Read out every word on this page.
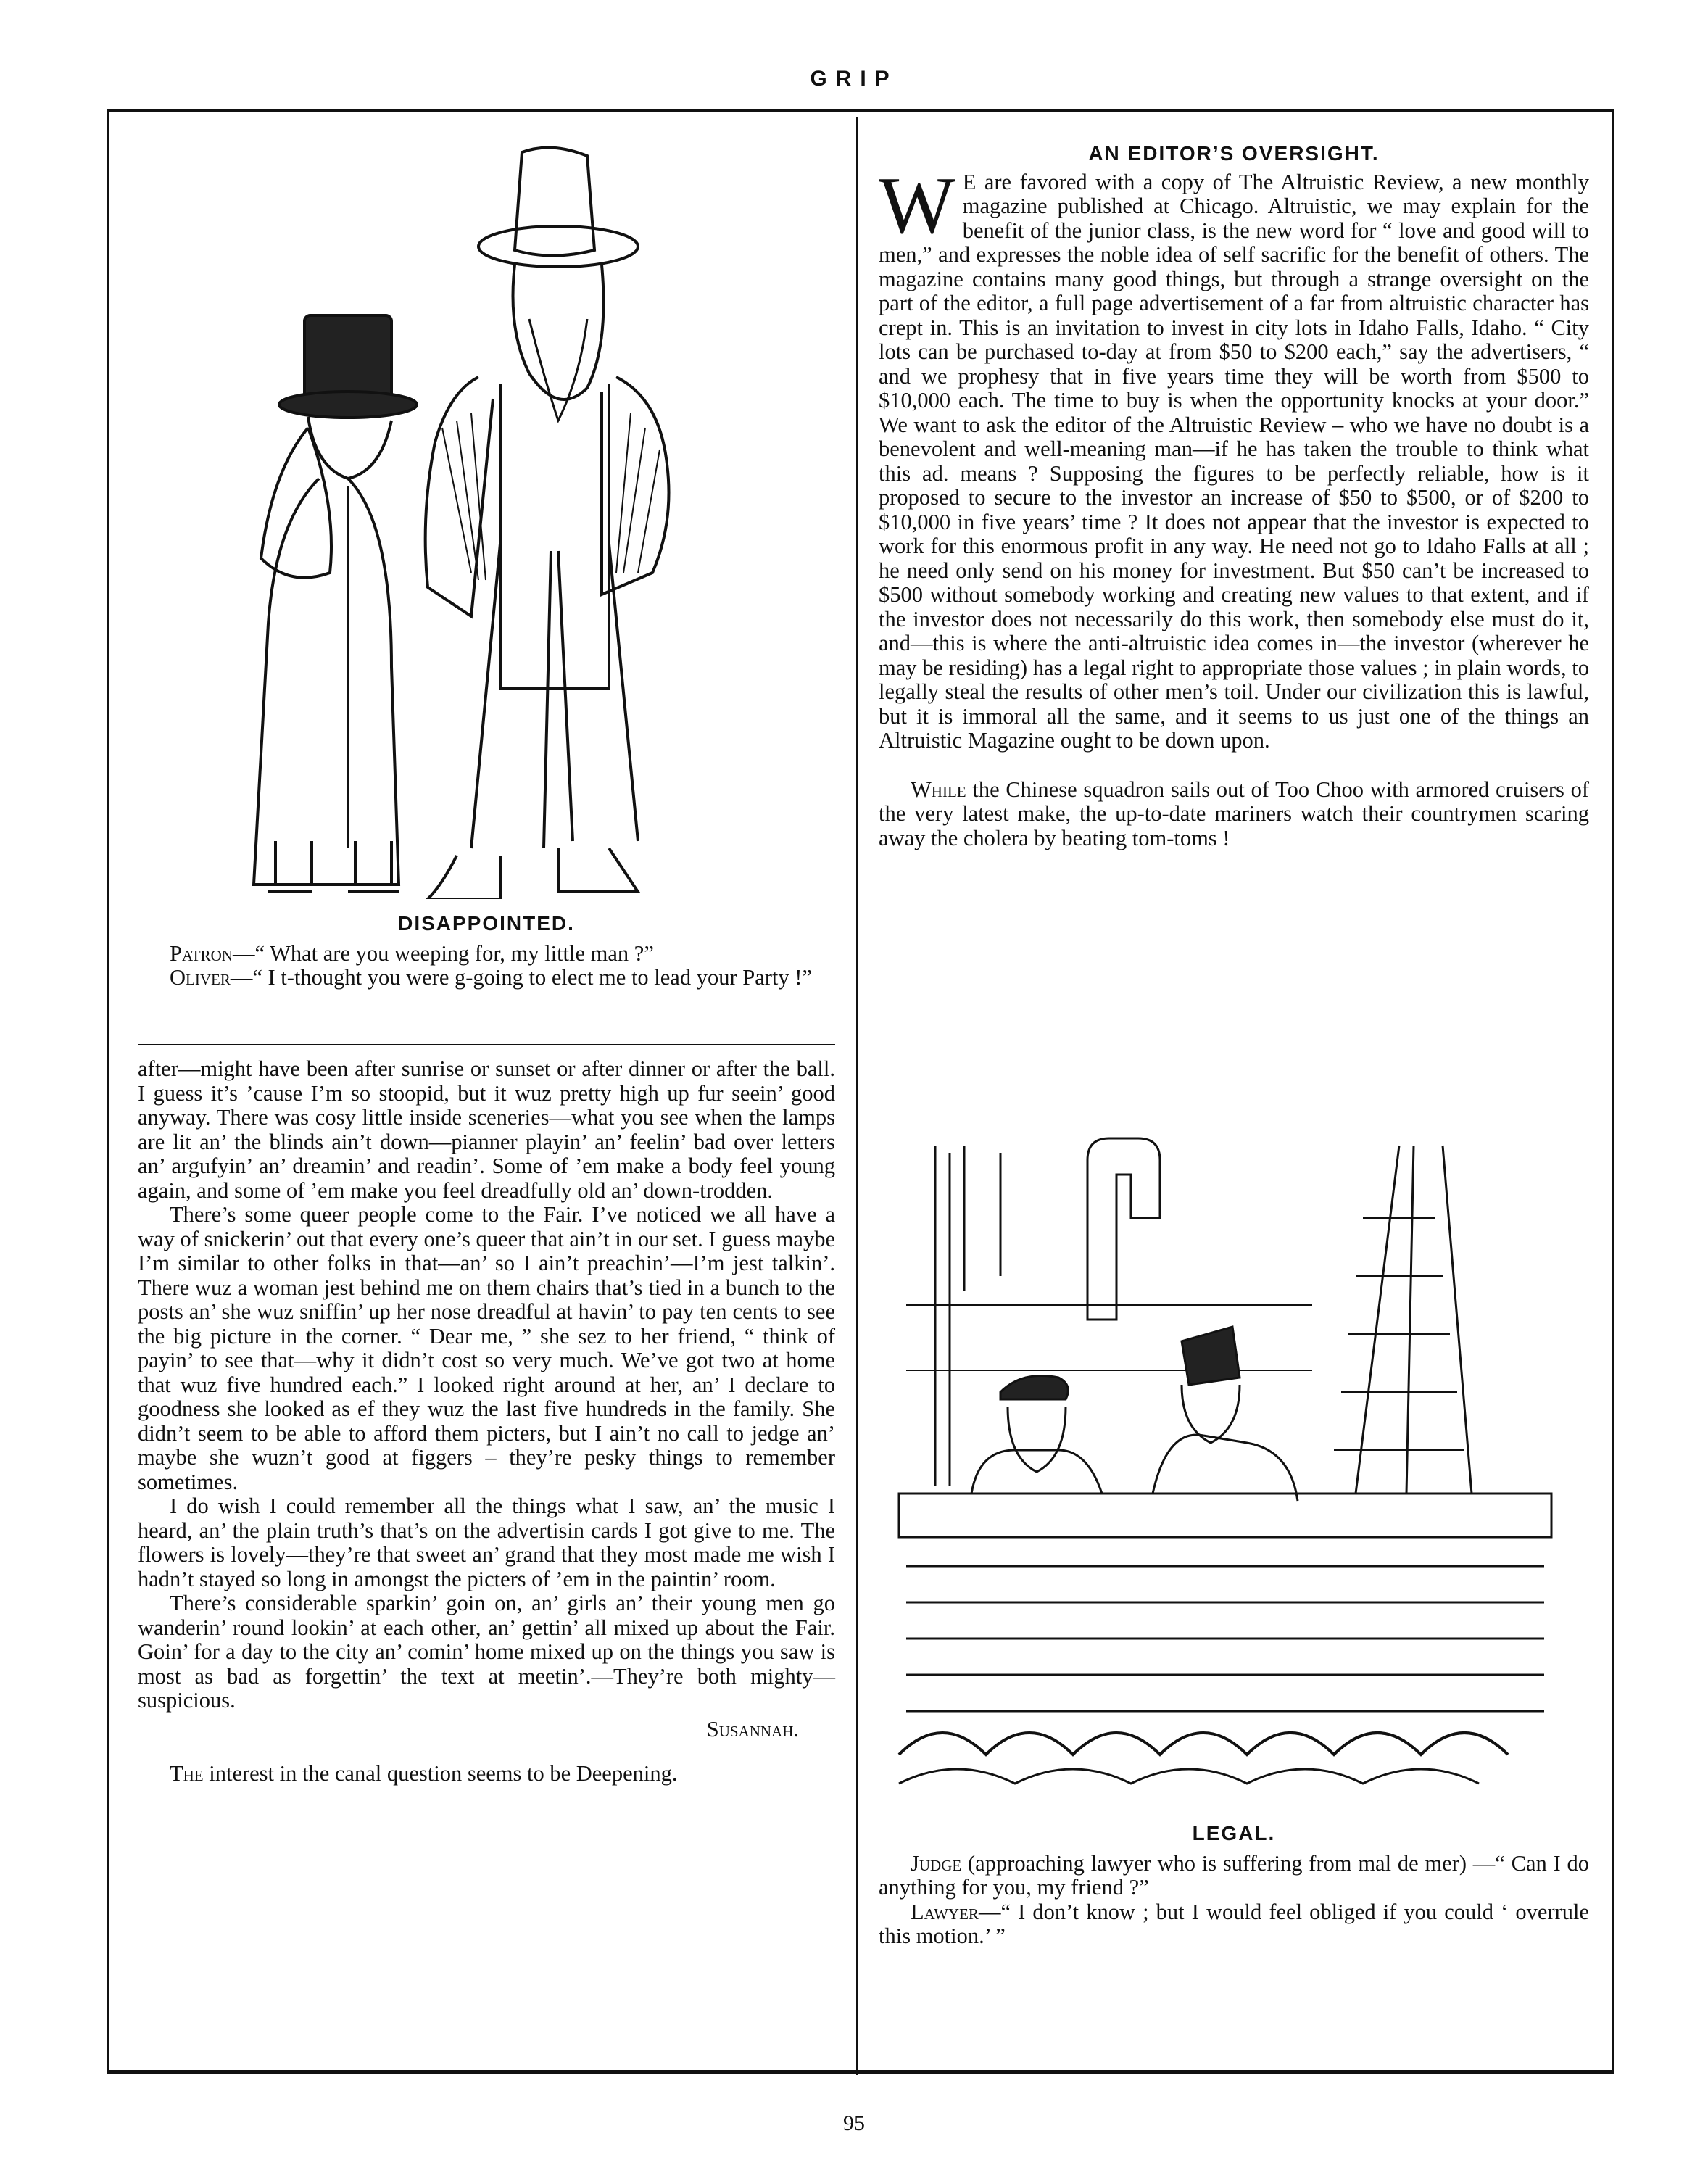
GRIP

DISAPPOINTED.

Patron—“ What are you weeping for, my little man ?”

Oliver—“ I t-thought you were g-going to elect me to lead your Party !”

after—might have been after sunrise or sunset or after dinner or after the ball. I guess it’s ’cause I’m so stoopid, but it wuz pretty high up fur seein’ good anyway. There was cosy little inside sceneries—what you see when the lamps are lit an’ the blinds ain’t down—pianner playin’ an’ feelin’ bad over letters an’ argufyin’ an’ dreamin’ and readin’. Some of ’em make a body feel young again, and some of ’em make you feel dreadfully old an’ down-trodden.

There’s some queer people come to the Fair. I’ve noticed we all have a way of snickerin’ out that every one’s queer that ain’t in our set. I guess maybe I’m similar to other folks in that—an’ so I ain’t preachin’—I’m jest talkin’. There wuz a woman jest behind me on them chairs that’s tied in a bunch to the posts an’ she wuz sniffin’ up her nose dreadful at havin’ to pay ten cents to see the big picture in the corner. “ Dear me, ” she sez to her friend, “ think of payin’ to see that—why it didn’t cost so very much. We’ve got two at home that wuz five hundred each.” I looked right around at her, an’ I declare to goodness she looked as ef they wuz the last five hundreds in the family. She didn’t seem to be able to afford them picters, but I ain’t no call to jedge an’ maybe she wuzn’t good at figgers – they’re pesky things to remember sometimes.

I do wish I could remember all the things what I saw, an’ the music I heard, an’ the plain truth’s that’s on the advertisin cards I got give to me. The flowers is lovely—they’re that sweet an’ grand that they most made me wish I hadn’t stayed so long in amongst the picters of ’em in the paintin’ room.

There’s considerable sparkin’ goin on, an’ girls an’ their young men go wanderin’ round lookin’ at each other, an’ gettin’ all mixed up about the Fair. Goin’ for a day to the city an’ comin’ home mixed up on the things you saw is most as bad as forgettin’ the text at meetin’.—They’re both mighty—suspicious.

Susannah.

The interest in the canal question seems to be Deepening.

AN EDITOR’S OVERSIGHT.

W E are favored with a copy of The Altruistic Review, a new monthly magazine published at Chicago. Altruistic, we may explain for the benefit of the junior class, is the new word for “ love and good will to men,” and expresses the noble idea of self sacrific for the benefit of others. The magazine contains many good things, but through a strange oversight on the part of the editor, a full page advertisement of a far from altruistic character has crept in. This is an invitation to invest in city lots in Idaho Falls, Idaho. “ City lots can be purchased to-day at from $50 to $200 each,” say the advertisers, “ and we prophesy that in five years time they will be worth from $500 to $10,000 each. The time to buy is when the opportunity knocks at your door.” We want to ask the editor of the Altruistic Review – who we have no doubt is a benevolent and well-meaning man—if he has taken the trouble to think what this ad. means ? Supposing the figures to be perfectly reliable, how is it proposed to secure to the investor an increase of $50 to $500, or of $200 to $10,000 in five years’ time ? It does not appear that the investor is expected to work for this enormous profit in any way. He need not go to Idaho Falls at all ; he need only send on his money for investment. But $50 can’t be increased to $500 without somebody working and creating new values to that extent, and if the investor does not necessarily do this work, then somebody else must do it, and—this is where the anti-altruistic idea comes in—the investor (wherever he may be residing) has a legal right to appropriate those values ; in plain words, to legally steal the results of other men’s toil. Under our civilization this is lawful, but it is immoral all the same, and it seems to us just one of the things an Altruistic Magazine ought to be down upon.

While the Chinese squadron sails out of Too Choo with armored cruisers of the very latest make, the up-to-date mariners watch their countrymen scaring away the cholera by beating tom-toms !

LEGAL.

Judge (approaching lawyer who is suffering from mal de mer) —“ Can I do anything for you, my friend ?”

Lawyer—“ I don’t know ; but I would feel obliged if you could ‘ overrule this motion.’ ”

95
